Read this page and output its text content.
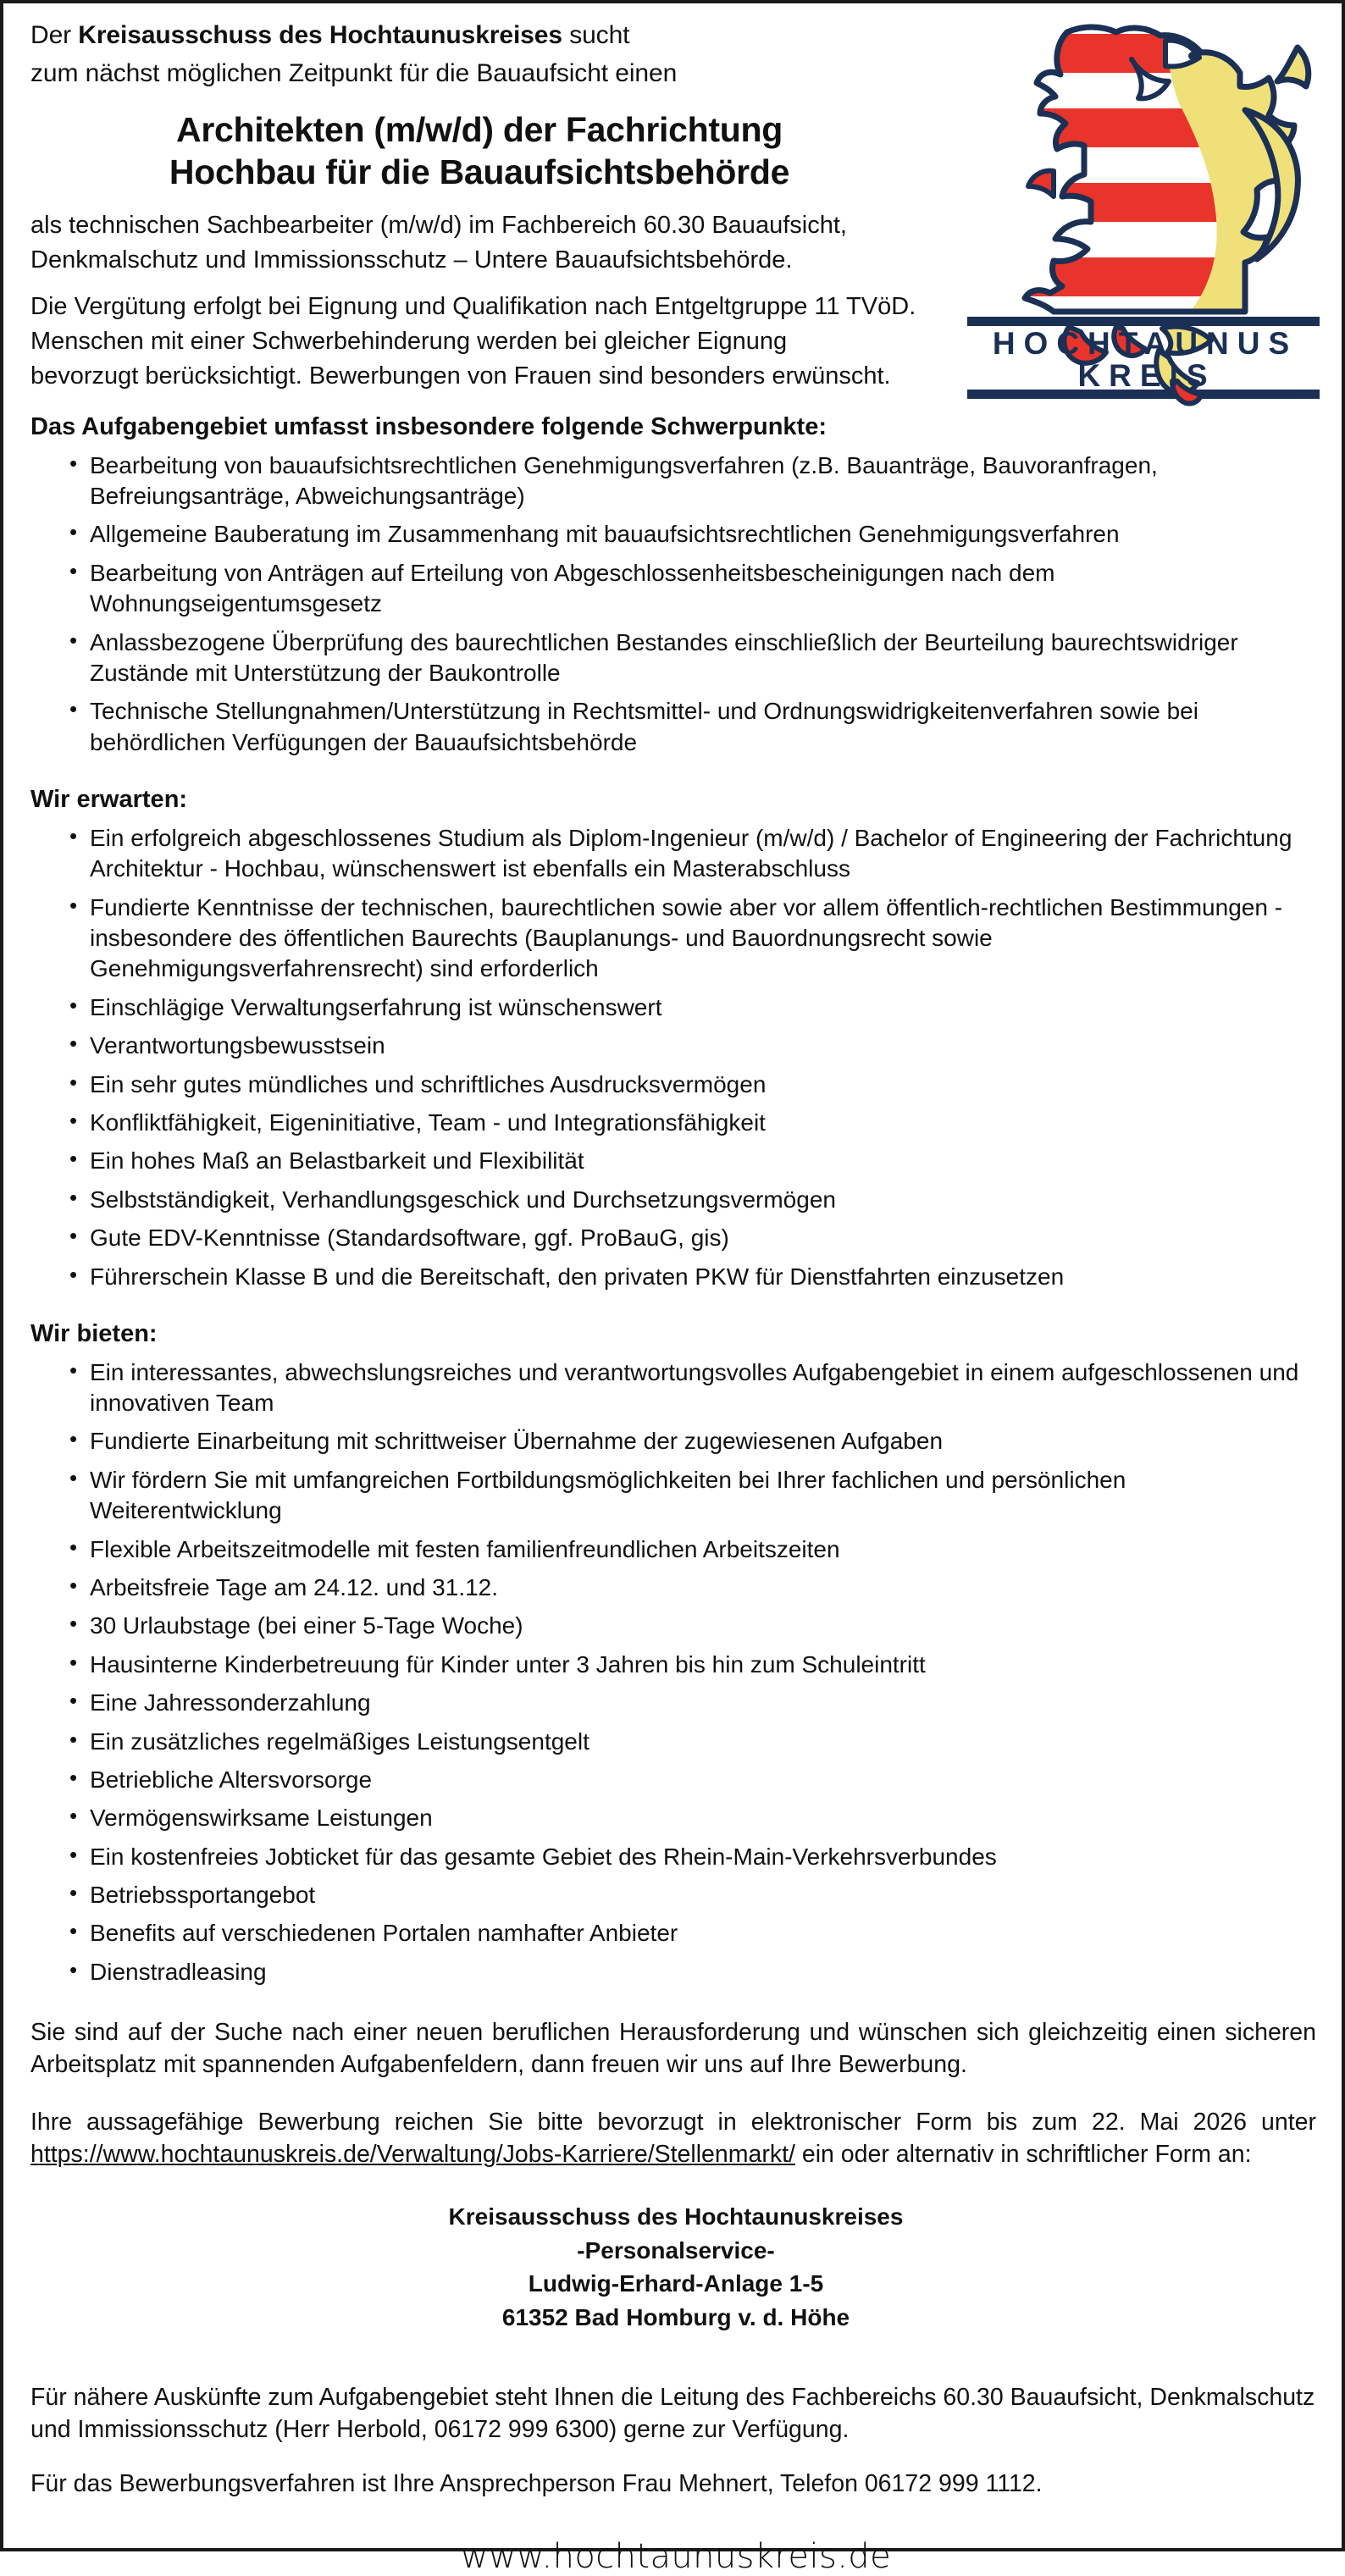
HOCHTAUNUS
KREIS

Der Kreisausschuss des Hochtaunuskreises sucht

zum nächst möglichen Zeitpunkt für die Bauaufsicht einen

Architekten (m/w/d) der Fachrichtung
Hochbau für die Bauaufsichtsbehörde

als technischen Sachbearbeiter (m/w/d) im Fachbereich 60.30 Bauaufsicht,

Denkmalschutz und Immissionsschutz – Untere Bauaufsichtsbehörde.

Die Vergütung erfolgt bei Eignung und Qualifikation nach Entgeltgruppe 11 TVöD.

Menschen mit einer Schwerbehinderung werden bei gleicher Eignung

bevorzugt berücksichtigt. Bewerbungen von Frauen sind besonders erwünscht.

Das Aufgabengebiet umfasst insbesondere folgende Schwerpunkte:
• Bearbeitung von bauaufsichtsrechtlichen Genehmigungsverfahren (z.B. Bauanträge, Bauvoranfragen, Befreiungsanträge, Abweichungsanträge)
• Allgemeine Bauberatung im Zusammenhang mit bauaufsichtsrechtlichen Genehmigungsverfahren
• Bearbeitung von Anträgen auf Erteilung von Abgeschlossenheitsbescheinigungen nach dem Wohnungseigentumsgesetz
• Anlassbezogene Überprüfung des baurechtlichen Bestandes einschließlich der Beurteilung baurechtswidriger Zustände mit Unterstützung der Baukontrolle
• Technische Stellungnahmen/Unterstützung in Rechtsmittel- und Ordnungswidrigkeitenverfahren sowie bei behördlichen Verfügungen der Bauaufsichtsbehörde
Wir erwarten:
• Ein erfolgreich abgeschlossenes Studium als Diplom-Ingenieur (m/w/d) / Bachelor of Engineering der Fachrichtung Architektur - Hochbau, wünschenswert ist ebenfalls ein Masterabschluss
• Fundierte Kenntnisse der technischen, baurechtlichen sowie aber vor allem öffentlich-rechtlichen Bestimmungen - insbesondere des öffentlichen Baurechts (Bauplanungs- und Bauordnungsrecht sowie Genehmigungsverfahrensrecht) sind erforderlich
• Einschlägige Verwaltungserfahrung ist wünschenswert
• Verantwortungsbewusstsein
• Ein sehr gutes mündliches und schriftliches Ausdrucksvermögen
• Konfliktfähigkeit, Eigeninitiative, Team - und Integrationsfähigkeit
• Ein hohes Maß an Belastbarkeit und Flexibilität
• Selbstständigkeit, Verhandlungsgeschick und Durchsetzungsvermögen
• Gute EDV-Kenntnisse (Standardsoftware, ggf. ProBauG, gis)
• Führerschein Klasse B und die Bereitschaft, den privaten PKW für Dienstfahrten einzusetzen
Wir bieten:
• Ein interessantes, abwechslungsreiches und verantwortungsvolles Aufgabengebiet in einem aufgeschlossenen und innovativen Team
• Fundierte Einarbeitung mit schrittweiser Übernahme der zugewiesenen Aufgaben
• Wir fördern Sie mit umfangreichen Fortbildungsmöglichkeiten bei Ihrer fachlichen und persönlichen Weiterentwicklung
• Flexible Arbeitszeitmodelle mit festen familienfreundlichen Arbeitszeiten
• Arbeitsfreie Tage am 24.12. und 31.12.
• 30 Urlaubstage (bei einer 5-Tage Woche)
• Hausinterne Kinderbetreuung für Kinder unter 3 Jahren bis hin zum Schuleintritt
• Eine Jahressonderzahlung
• Ein zusätzliches regelmäßiges Leistungsentgelt
• Betriebliche Altersvorsorge
• Vermögenswirksame Leistungen
• Ein kostenfreies Jobticket für das gesamte Gebiet des Rhein-Main-Verkehrsverbundes
• Betriebssportangebot
• Benefits auf verschiedenen Portalen namhafter Anbieter
• Dienstradleasing

Sie sind auf der Suche nach einer neuen beruflichen Herausforderung und wünschen sich gleichzeitig einen sicheren Arbeitsplatz mit spannenden Aufgabenfeldern, dann freuen wir uns auf Ihre Bewerbung.

Ihre aussagefähige Bewerbung reichen Sie bitte bevorzugt in elektronischer Form bis zum 22. Mai 2026 unter https://www.hochtaunuskreis.de/Verwaltung/Jobs-Karriere/Stellenmarkt/ ein oder alternativ in schriftlicher Form an:

Kreisausschuss des Hochtaunuskreises
-Personalservice-
Ludwig-Erhard-Anlage 1-5
61352 Bad Homburg v. d. Höhe

Für nähere Auskünfte zum Aufgabengebiet steht Ihnen die Leitung des Fachbereichs 60.30 Bauaufsicht, Denkmalschutz und Immissionsschutz (Herr Herbold, 06172 999 6300) gerne zur Verfügung.

Für das Bewerbungsverfahren ist Ihre Ansprechperson Frau Mehnert, Telefon 06172 999 1112.

www.hochtaunuskreis.de
